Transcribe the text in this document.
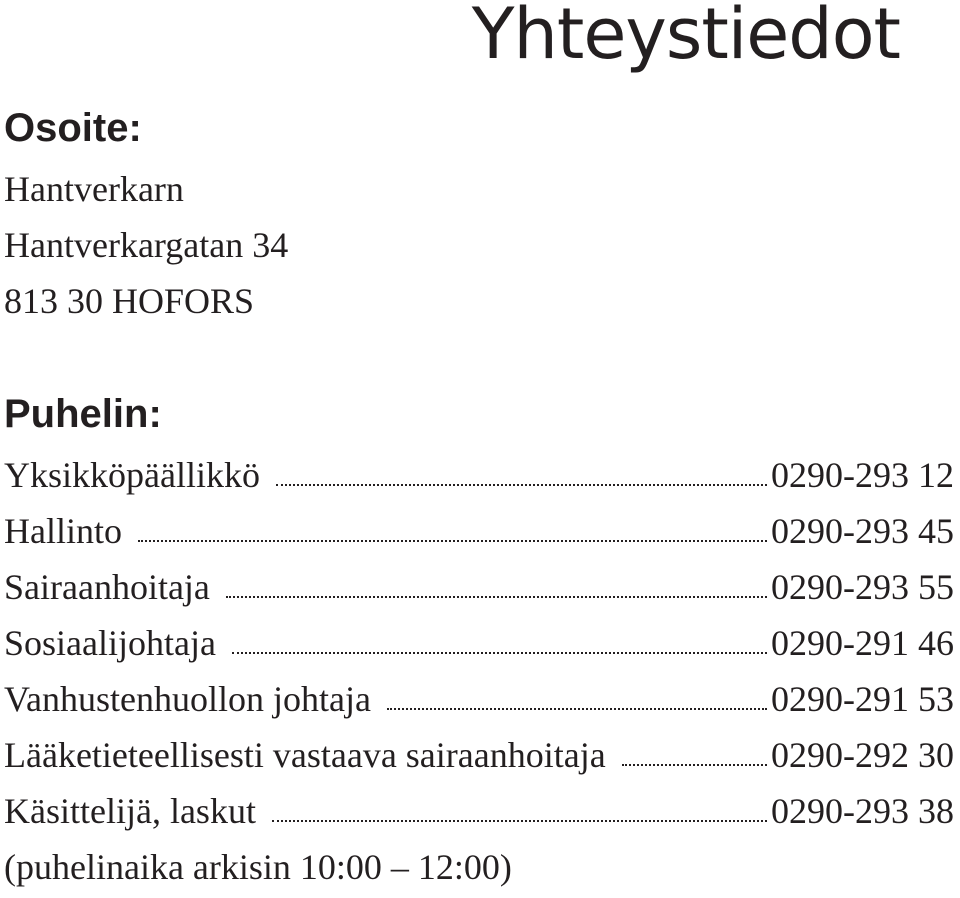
Yhteystiedot
Osoite:
Hantverkarn
Hantverkargatan 34
813 30 HOFORS
Puhelin:
Yksikköpäällikkö	0290-293 12
Hallinto	0290-293 45
Sairaanhoitaja	0290-293 55
Sosiaalijohtaja	0290-291 46
Vanhustenhuollon johtaja	0290-291 53
Lääketieteellisesti vastaava sairaanhoitaja	0290-292 30
Käsittelijä, laskut	0290-293 38
(puhelinaika arkisin 10:00 – 12:00)
